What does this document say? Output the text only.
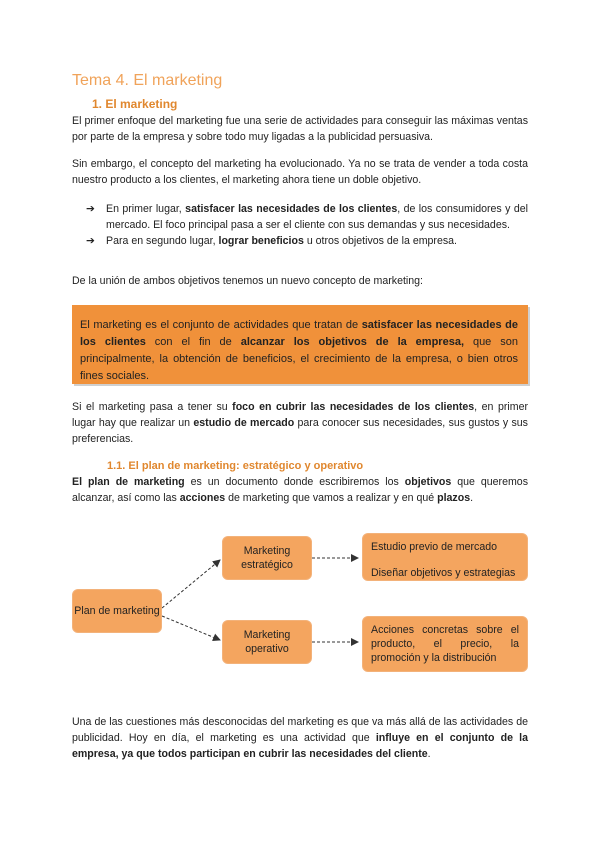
Tema 4. El marketing
1. El marketing

El primer enfoque del marketing fue una serie de actividades para conseguir las máximas ventas por parte de la empresa y sobre todo muy ligadas a la publicidad persuasiva.

Sin embargo, el concepto del marketing ha evolucionado. Ya no se trata de vender a toda costa nuestro producto a los clientes, el marketing ahora tiene un doble objetivo.

➔ En primer lugar, satisfacer las necesidades de los clientes, de los consumidores y del mercado. El foco principal pasa a ser el cliente con sus demandas y sus necesidades.
➔ Para en segundo lugar, lograr beneficios u otros objetivos de la empresa.

De la unión de ambos objetivos tenemos un nuevo concepto de marketing:

El marketing es el conjunto de actividades que tratan de satisfacer las necesidades de los clientes con el fin de alcanzar los objetivos de la empresa, que son principalmente, la obtención de beneficios, el crecimiento de la empresa, o bien otros fines sociales.

Si el marketing pasa a tener su foco en cubrir las necesidades de los clientes, en primer lugar hay que realizar un estudio de mercado para conocer sus necesidades, sus gustos y sus preferencias.

1.1. El plan de marketing: estratégico y operativo

El plan de marketing es un documento donde escribiremos los objetivos que queremos alcanzar, así como las acciones de marketing que vamos a realizar y en qué plazos.

Plan de marketing
Marketing estratégico
Marketing operativo
Estudio previo de mercado
Diseñar objetivos y estrategias
Acciones concretas sobre el producto, el precio, la promoción y la distribución

Una de las cuestiones más desconocidas del marketing es que va más allá de las actividades de publicidad. Hoy en día, el marketing es una actividad que influye en el conjunto de la empresa, ya que todos participan en cubrir las necesidades del cliente.
